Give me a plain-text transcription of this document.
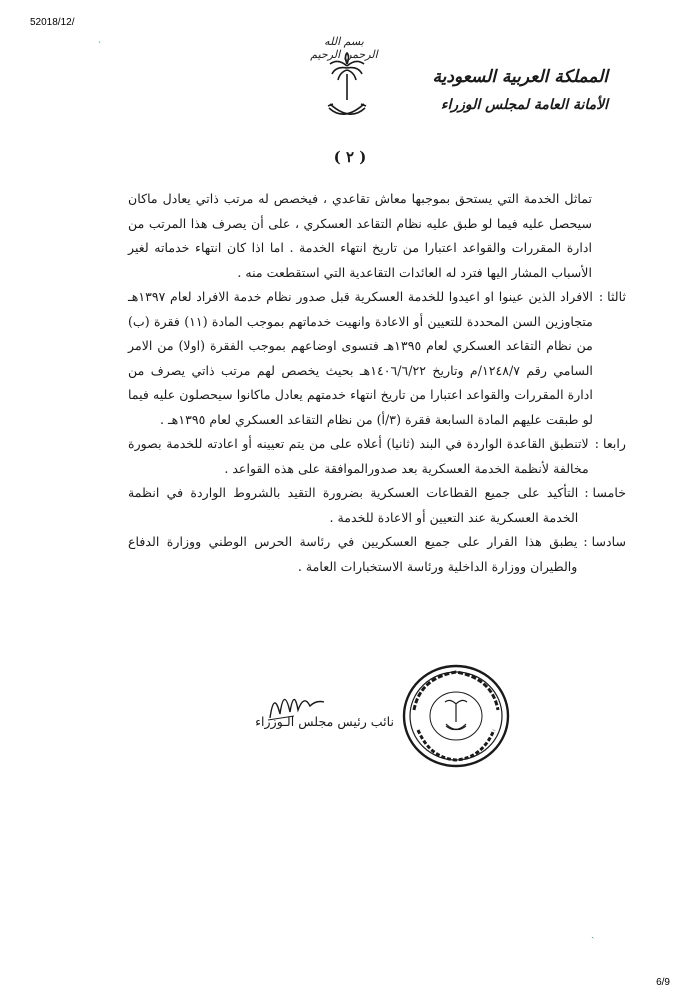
52018/12/
ˎ	بسم الله الرحمن الرحيم
المملكة العربية السعودية
الأمانة العامة لمجلس الوزراء
( ٢ )
تماثل الخدمة التي يستحق بموجبها معاش تقاعدي ، فيخصص له مرتب ذاتي يعادل ماكان سيحصل عليه فيما لو طبق عليه نظام التقاعد العسكري ، على أن يصرف هذا المرتب من ادارة المقررات والقواعد اعتبارا من تاريخ انتهاء الخدمة . اما اذا كان انتهاء خدماته لغير الأسباب المشار اليها فترد له العائدات التقاعدية التي استقطعت منه .
ثالثا :
الافراد الذين عينوا او اعيدوا للخدمة العسكرية قبل صدور نظام خدمة الافراد لعام ١٣٩٧هـ متجاوزين السن المحددة للتعيين أو الاعادة وانهيت خدماتهم بموجب المادة (١١) فقرة (ب) من نظام التقاعد العسكري لعام ١٣٩٥هـ فتسوى اوضاعهم بموجب الفقرة (اولا) من الامر السامي رقم ١٢٤٨/٧/م وتاريخ ١٤٠٦/٦/٢٢هـ بحيث يخصص لهم مرتب ذاتي يصرف من ادارة المقررات والقواعد اعتبارا من تاريخ انتهاء خدمتهم يعادل ماكانوا سيحصلون عليه فيما لو طبقت عليهم المادة السابعة فقرة (٣/أ) من نظام التقاعد العسكري لعام ١٣٩٥هـ .
رابعا :
لاتنطبق القاعدة الواردة في البند (ثانيا) أعلاه على من يتم تعيينه أو اعادته للخدمة بصورة مخالفة لأنظمة الخدمة العسكرية بعد صدورالموافقة على هذه القواعد .
خامسا :
التأكيد على جميع القطاعات العسكرية بضرورة التقيد بالشروط الواردة في انظمة الخدمة العسكرية عند التعيين أو الاعادة للخدمة .
سادسا :
يطبق هذا القرار على جميع العسكريين في رئاسة الحرس الوطني ووزارة الدفاع والطيران ووزارة الداخلية ورئاسة الاستخبارات العامة .
نائب رئيس مجلس الـوزراء
ˎ
6/9
